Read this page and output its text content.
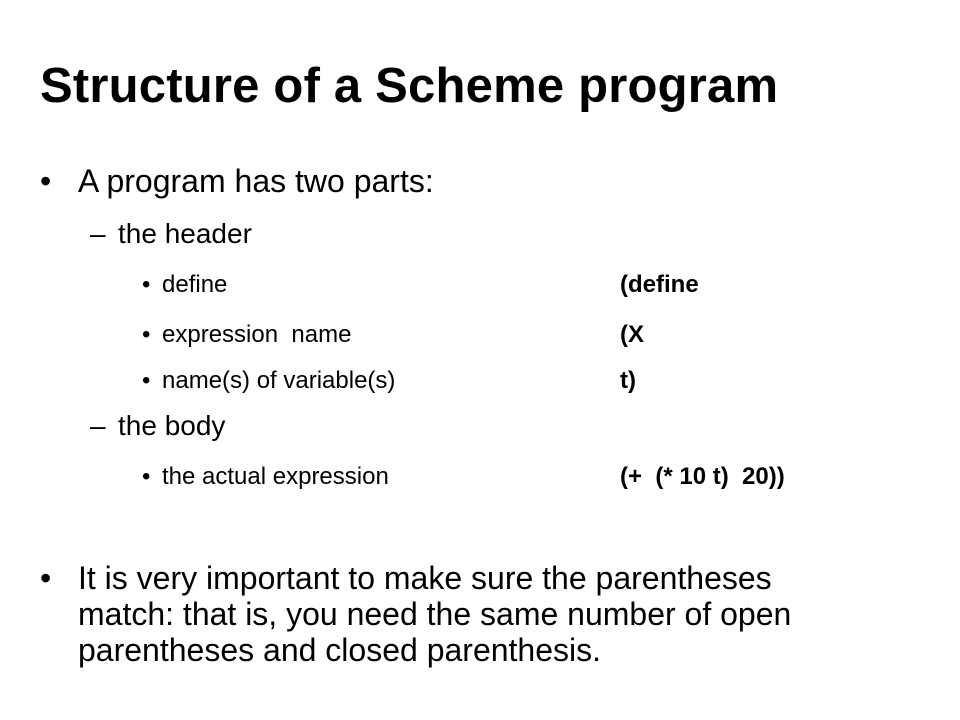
Structure of a Scheme program
• A program has two parts:
– the header
• define	(define
• expression  name	(X
• name(s) of variable(s)	t)
– the body
• the actual expression	(+  (* 10 t)  20))
• It is very important to make sure the parentheses
match: that is, you need the same number of open
parentheses and closed parenthesis.
